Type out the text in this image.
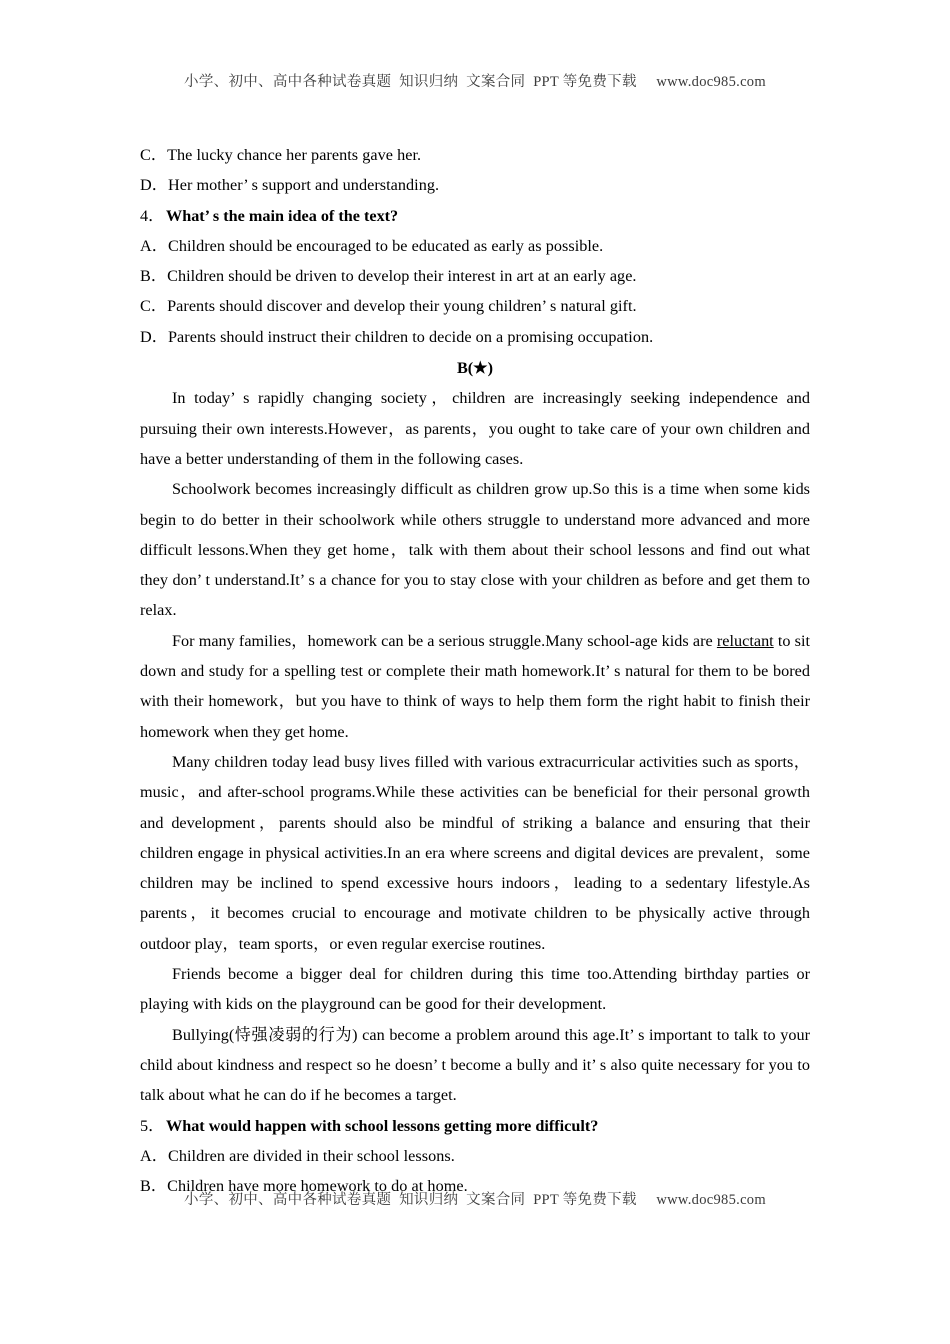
小学、初中、高中各种试卷真题  知识归纳  文案合同  PPT 等免费下载     www.doc985.com
C．The lucky chance her parents gave her.
D．Her mother’ s support and understanding.
4． What’ s the main idea of the text?
A．Children should be encouraged to be educated as early as possible.
B．Children should be driven to develop their interest in art at an early age.
C．Parents should discover and develop their young children’ s natural gift.
D．Parents should instruct their children to decide on a promising occupation.
B(★)

In today’ s rapidly changing society，children are increasingly seeking independence and pursuing their own interests.However，as parents，you ought to take care of your own children and have a better understanding of them in the following cases.

Schoolwork becomes increasingly difficult as children grow up.So this is a time when some kids begin to do better in their schoolwork while others struggle to understand more advanced and more difficult lessons.When they get home，talk with them about their school lessons and find out what they don’ t understand.It’ s a chance for you to stay close with your children as before and get them to relax.

For many families，homework can be a serious struggle.Many school-age kids are reluctant to sit down and study for a spelling test or complete their math homework.It’ s natural for them to be bored with their homework，but you have to think of ways to help them form the right habit to finish their homework when they get home.

Many children today lead busy lives filled with various extracurricular activities such as sports，music，and after-school programs.While these activities can be beneficial for their personal growth and development，parents should also be mindful of striking a balance and ensuring that their children engage in physical activities.In an era where screens and digital devices are prevalent，some children may be inclined to spend excessive hours indoors，leading to a sedentary lifestyle.As parents，it becomes crucial to encourage and motivate children to be physically active through outdoor play，team sports，or even regular exercise routines.

Friends become a bigger deal for children during this time too.Attending birthday parties or playing with kids on the playground can be good for their development.

Bullying(恃强凌弱的行为) can become a problem around this age.It’ s important to talk to your child about kindness and respect so he doesn’ t become a bully and it’ s also quite necessary for you to talk about what he can do if he becomes a target.

5． What would happen with school lessons getting more difficult?
A．Children are divided in their school lessons.
B．Children have more homework to do at home.
小学、初中、高中各种试卷真题  知识归纳  文案合同  PPT 等免费下载     www.doc985.com
